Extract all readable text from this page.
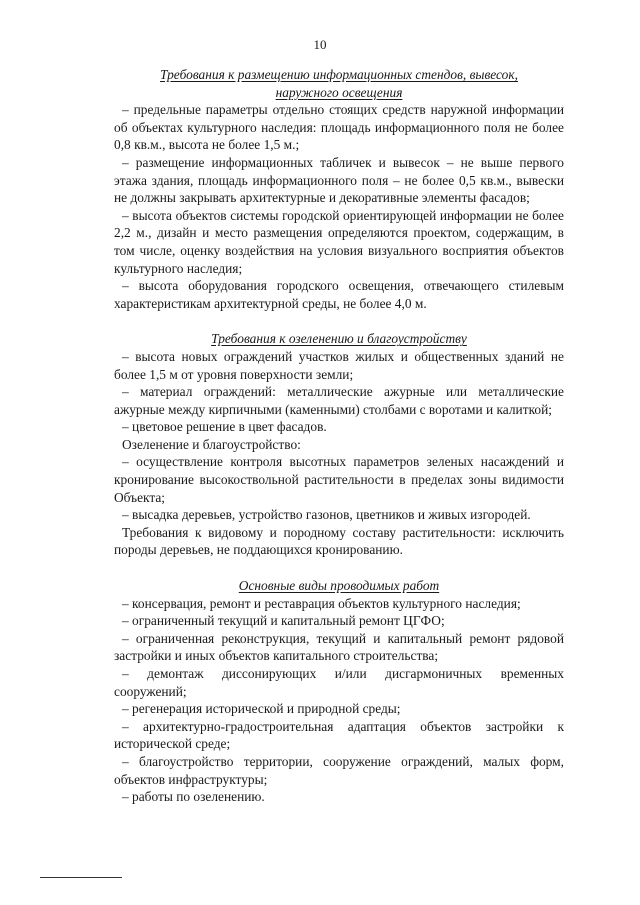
10
Требования к размещению информационных стендов, вывесок,
наружного освещения
– предельные параметры отдельно стоящих средств наружной информации об объектах культурного наследия: площадь информационного поля не более 0,8 кв.м., высота не более 1,5 м.;
– размещение информационных табличек и вывесок – не выше первого этажа здания, площадь информационного поля – не более 0,5 кв.м., вывески не должны закрывать архитектурные и декоративные элементы фасадов;
– высота объектов системы городской ориентирующей информации не более 2,2 м., дизайн и место размещения определяются проектом, содержащим, в том числе, оценку воздействия на условия визуального восприятия объектов культурного наследия;
– высота оборудования городского освещения, отвечающего стилевым характеристикам архитектурной среды, не более 4,0 м.
Требования к озеленению и благоустройству
– высота новых ограждений участков жилых и общественных зданий не более 1,5 м от уровня поверхности земли;
– материал ограждений: металлические ажурные или металлические ажурные между кирпичными (каменными) столбами с воротами и калиткой;
– цветовое решение в цвет фасадов.
Озеленение и благоустройство:
– осуществление контроля высотных параметров зеленых насаждений и кронирование высокоствольной растительности в пределах зоны видимости Объекта;
– высадка деревьев, устройство газонов, цветников и живых изгородей.
Требования к видовому и породному составу растительности: исключить породы деревьев, не поддающихся кронированию.
Основные виды проводимых работ
– консервация, ремонт и реставрация объектов культурного наследия;
– ограниченный текущий и капитальный ремонт ЦГФО;
– ограниченная реконструкция, текущий и капитальный ремонт рядовой застройки и иных объектов капитального строительства;
– демонтаж диссонирующих и/или дисгармоничных временных сооружений;
– регенерация исторической и природной среды;
– архитектурно-градостроительная адаптация объектов застройки к исторической среде;
– благоустройство территории, сооружение ограждений, малых форм, объектов инфраструктуры;
– работы по озеленению.
